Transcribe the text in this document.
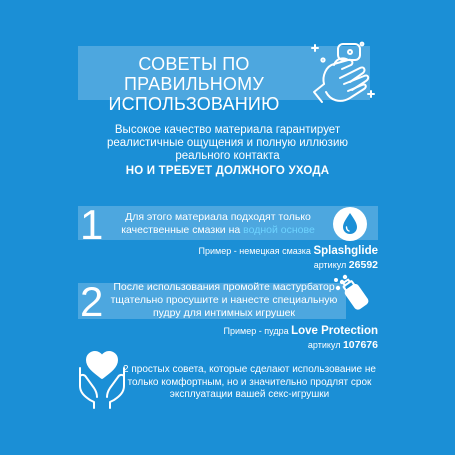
СОВЕТЫ ПО ПРАВИЛЬНОМУ ИСПОЛЬЗОВАНИЮ
Высокое качество материала гарантирует реалистичные ощущения и полную иллюзию реального контакта
НО И ТРЕБУЕТ ДОЛЖНОГО УХОДА
1	Для этого материала подходят только качественные смазки на водной основе
Пример - немецкая смазка Splashglide
артикул 26592
2 После использования промойте мастурбатор тщательно просушите и нанесте специальную пудру для интимных игрушек
Пример - пудра Love Protection
артикул 107676
2 простых совета, которые сделают использование не только комфортным, но и значительно продлят срок эксплуатации вашей секс-игрушки
